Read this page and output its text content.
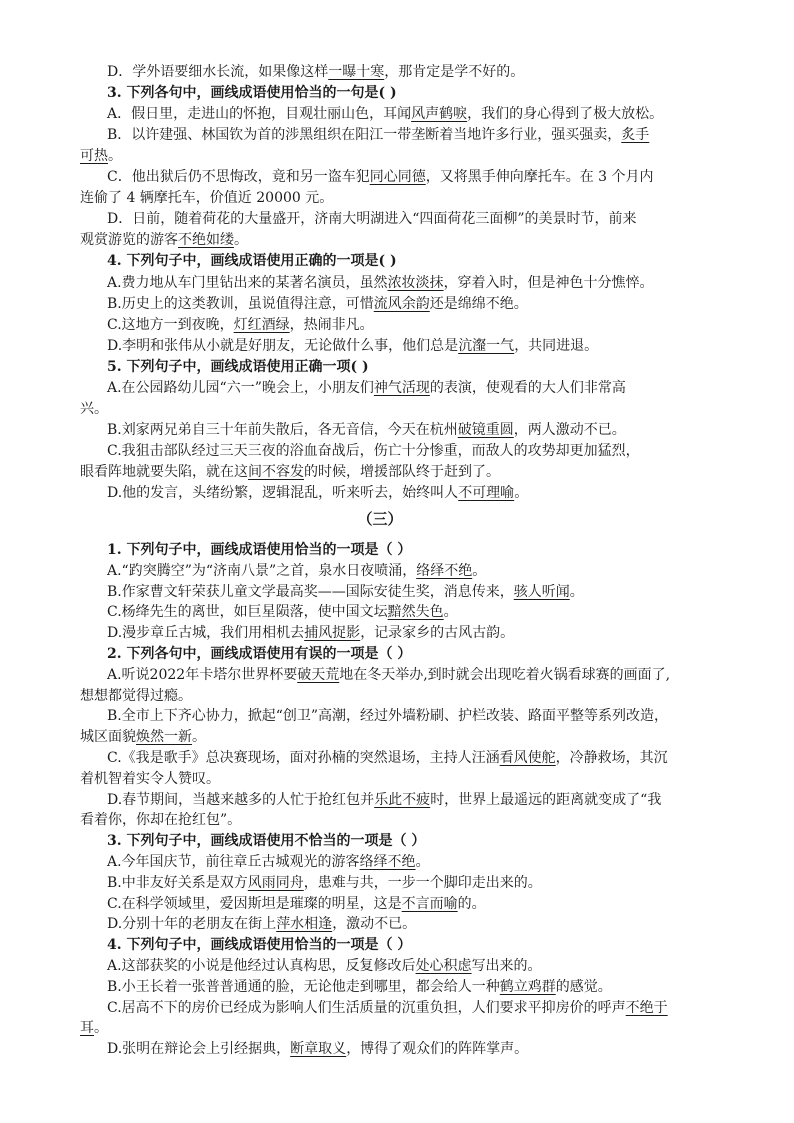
D．学外语要细水长流，如果像这样一曝十寒，那肯定是学不好的。
3. 下列各句中，画线成语使用恰当的一句是( )
A．假日里，走进山的怀抱，目观壮丽山色，耳闻风声鹤唳，我们的身心得到了极大放松。
B．以许建强、林国钦为首的涉黑组织在阳江一带垄断着当地许多行业，强买强卖，炙手
可热。
C．他出狱后仍不思悔改，竟和另一盗车犯同心同德，又将黑手伸向摩托车。在 3 个月内
连偷了 4 辆摩托车，价值近 20000 元。
D．日前，随着荷花的大量盛开，济南大明湖进入“四面荷花三面柳”的美景时节，前来
观赏游览的游客不绝如缕。
4. 下列句子中，画线成语使用正确的一项是( )
A.费力地从车门里钻出来的某著名演员，虽然浓妆淡抹，穿着入时，但是神色十分憔悴。
B.历史上的这类教训，虽说值得注意，可惜流风余韵还是绵绵不绝。
C.这地方一到夜晚，灯红酒绿，热闹非凡。
D.李明和张伟从小就是好朋友，无论做什么事，他们总是沆瀣一气，共同进退。
5. 下列句子中，画线成语使用正确一项( )
A.在公园路幼儿园“六一”晚会上，小朋友们神气活现的表演，使观看的大人们非常高
兴。
B.刘家两兄弟自三十年前失散后，各无音信，今天在杭州破镜重圆，两人激动不已。
C.我狙击部队经过三天三夜的浴血奋战后，伤亡十分惨重，而敌人的攻势却更加猛烈，
眼看阵地就要失陷，就在这间不容发的时候，增援部队终于赶到了。
D.他的发言，头绪纷繁，逻辑混乱，听来听去，始终叫人不可理喻。
（三）
1. 下列句子中，画线成语使用恰当的一项是（ ）
A.“趵突腾空”为“济南八景”之首，泉水日夜喷涌，络绎不绝。
B.作家曹文轩荣获儿童文学最高奖——国际安徒生奖，消息传来，骇人听闻。
C.杨绛先生的离世，如巨星陨落，使中国文坛黯然失色。
D.漫步章丘古城，我们用相机去捕风捉影，记录家乡的古风古韵。
2. 下列各句中，画线成语使用有误的一项是（ ）
A.听说2022年卡塔尔世界杯要破天荒地在冬天举办,到时就会出现吃着火锅看球赛的画面了,
想想都觉得过瘾。
B.全市上下齐心协力，掀起“创卫”高潮，经过外墙粉刷、护栏改装、路面平整等系列改造，
城区面貌焕然一新。
C.《我是歌手》总决赛现场，面对孙楠的突然退场，主持人汪涵看风使舵，冷静救场，其沉
着机智着实令人赞叹。
D.春节期间，当越来越多的人忙于抢红包并乐此不疲时，世界上最遥远的距离就变成了“我
看着你，你却在抢红包”。
3. 下列句子中，画线成语使用不恰当的一项是（ ）
A.今年国庆节，前往章丘古城观光的游客络绎不绝。
B.中非友好关系是双方风雨同舟，患难与共，一步一个脚印走出来的。
C.在科学领域里，爱因斯坦是璀璨的明星，这是不言而喻的。
D.分别十年的老朋友在街上萍水相逢，激动不已。
4. 下列句子中，画线成语使用恰当的一项是（ ）
A.这部获奖的小说是他经过认真构思，反复修改后处心积虑写出来的。
B.小王长着一张普普通通的脸，无论他走到哪里，都会给人一种鹤立鸡群的感觉。
C.居高不下的房价已经成为影响人们生活质量的沉重负担，人们要求平抑房价的呼声不绝于
耳。
D.张明在辩论会上引经据典，断章取义，博得了观众们的阵阵掌声。
